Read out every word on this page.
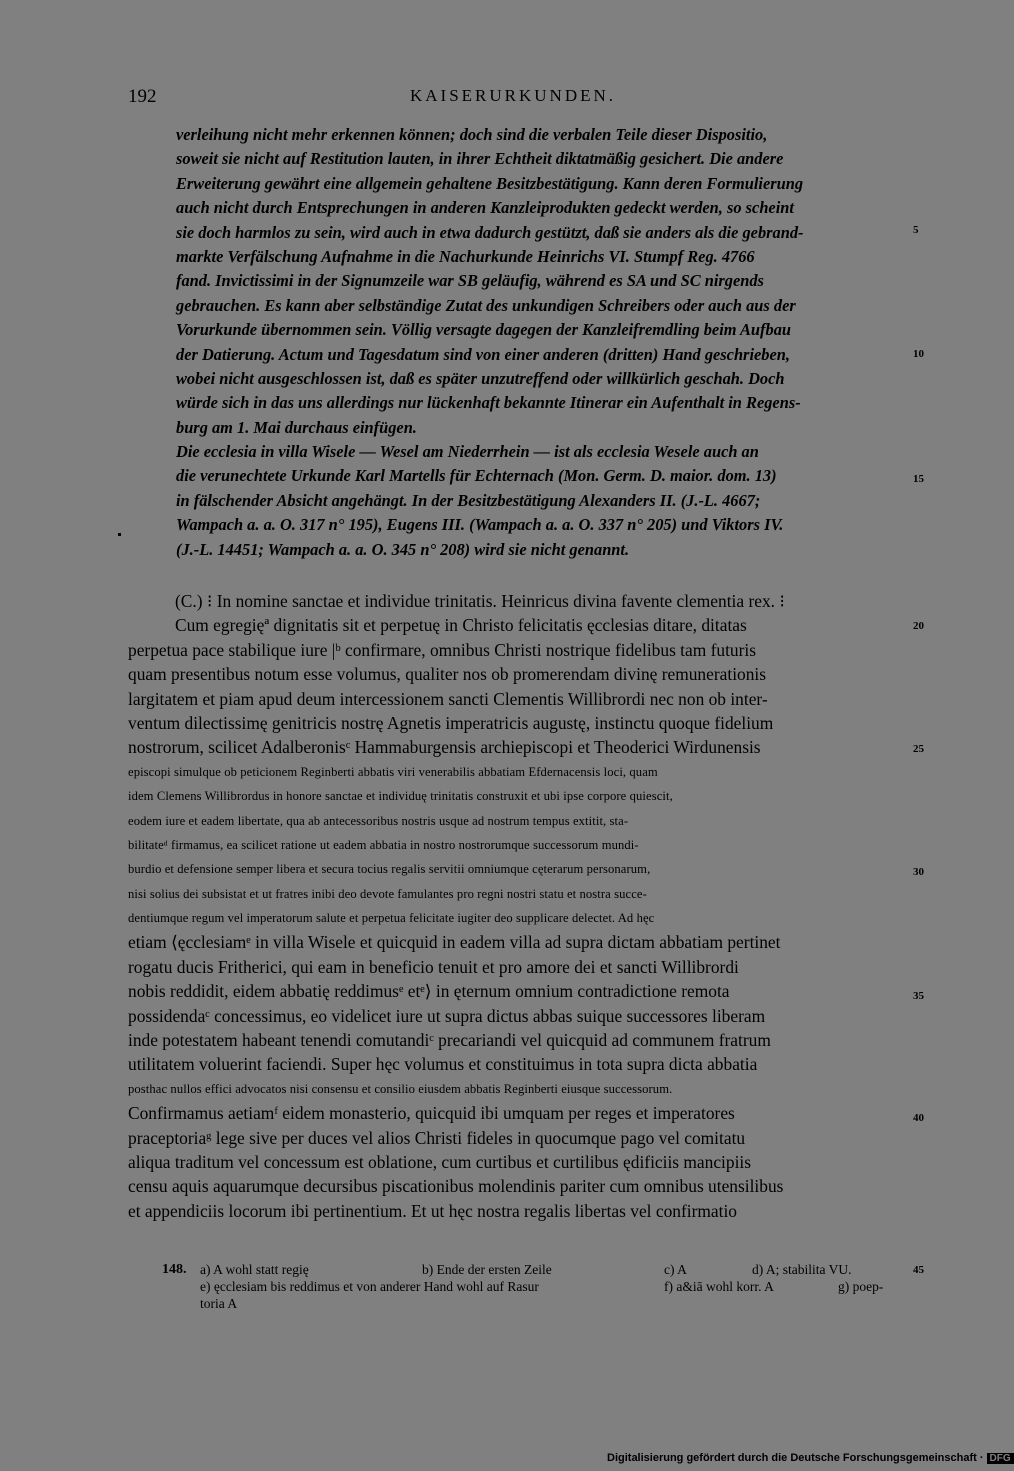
192	KAISERURKUNDEN.
verleihung nicht mehr erkennen können; doch sind die verbalen Teile dieser Dispositio,
soweit sie nicht auf Restitution lauten, in ihrer Echtheit diktatmäßig gesichert. Die andere
Erweiterung gewährt eine allgemein gehaltene Besitzbestätigung. Kann deren Formulierung
auch nicht durch Entsprechungen in anderen Kanzleiprodukten gedeckt werden, so scheint
sie doch harmlos zu sein, wird auch in etwa dadurch gestützt, daß sie anders als die gebrand-
markte Verfälschung Aufnahme in die Nachurkunde Heinrichs VI. Stumpf Reg. 4766
fand. Invictissimi in der Signumzeile war SB geläufig, während es SA und SC nirgends
gebrauchen. Es kann aber selbständige Zutat des unkundigen Schreibers oder auch aus der
Vorurkunde übernommen sein. Völlig versagte dagegen der Kanzleifremdling beim Aufbau
der Datierung. Actum und Tagesdatum sind von einer anderen (dritten) Hand geschrieben,
wobei nicht ausgeschlossen ist, daß es später unzutreffend oder willkürlich geschah. Doch
würde sich in das uns allerdings nur lückenhaft bekannte Itinerar ein Aufenthalt in Regens-
burg am 1. Mai durchaus einfügen.
Die ecclesia in villa Wisele — Wesel am Niederrhein — ist als ecclesia Wesele auch an
die verunechtete Urkunde Karl Martells für Echternach (Mon. Germ. D. maior. dom. 13)
in fälschender Absicht angehängt. In der Besitzbestätigung Alexanders II. (J.-L. 4667;
Wampach a. a. O. 317 n° 195), Eugens III. (Wampach a. a. O. 337 n° 205) und Viktors IV.
(J.-L. 14451; Wampach a. a. O. 345 n° 208) wird sie nicht genannt.
(C.) ⁝ In nomine sanctae et individue trinitatis. Heinricus divina favente clementia rex. ⁝
Cum egregięª dignitatis sit et perpetuę in Christo felicitatis ęcclesias ditare, ditatas
perpetua pace stabilique iure |ᵇ confirmare, omnibus Christi nostrique fidelibus tam futuris
quam presentibus notum esse volumus, qualiter nos ob promerendam divinę remunerationis
largitatem et piam apud deum intercessionem sancti Clementis Willibrordi nec non ob inter-
ventum dilectissimę genitricis nostrę Agnetis imperatricis augustę, instinctu quoque fidelium
nostrorum, scilicet Adalberonisᶜ Hammaburgensis archiepiscopi et Theoderici Wirdunensis
episcopi simulque ob peticionem Reginberti abbatis viri venerabilis abbatiam Efdernacensis loci, quam
idem Clemens Willibrordus in honore sanctae et individuę trinitatis construxit et ubi ipse corpore quiescit,
eodem iure et eadem libertate, qua ab antecessoribus nostris usque ad nostrum tempus extitit, sta-
bilitateᵈ firmamus, ea scilicet ratione ut eadem abbatia in nostro nostrorumque successorum mundi-
burdio et defensione semper libera et secura tocius regalis servitii omniumque cęterarum personarum,
nisi solius dei subsistat et ut fratres inibi deo devote famulantes pro regni nostri statu et nostra succe-
dentiumque regum vel imperatorum salute et perpetua felicitate iugiter deo supplicare delectet. Ad hęc
etiam ⟨ęcclesiamᵉ in villa Wisele et quicquid in eadem villa ad supra dictam abbatiam pertinet
rogatu ducis Fritherici, qui eam in beneficio tenuit et pro amore dei et sancti Willibrordi
nobis reddidit, eidem abbatię reddimusᵉ etᵉ⟩ in ęternum omnium contradictione remota
possidendaᶜ concessimus, eo videlicet iure ut supra dictus abbas suique successores liberam
inde potestatem habeant tenendi comutandiᶜ precariandi vel quicquid ad communem fratrum
utilitatem voluerint faciendi. Super hęc volumus et constituimus in tota supra dicta abbatia
posthac nullos effici advocatos nisi consensu et consilio eiusdem abbatis Reginberti eiusque successorum.
Confirmamus aetiamᶠ eidem monasterio, quicquid ibi umquam per reges et imperatores
praceptoriaᵍ lege sive per duces vel alios Christi fideles in quocumque pago vel comitatu
aliqua traditum vel concessum est oblatione, cum curtibus et curtilibus ędificiis mancipiis
censu aquis aquarumque decursibus piscationibus molendinis pariter cum omnibus utensilibus
et appendiciis locorum ibi pertinentium. Et ut hęc nostra regalis libertas vel confirmatio
5
10
15
20
25
30
35
40
45
148. a) A wohl statt regię	b) Ende der ersten Zeile	c) A	d) A; stabilita VU.
e) ęcclesiam bis reddimus et von anderer Hand wohl auf Rasur	f) a&iā wohl korr. A	g) poep-
toria A
Digitalisierung gefördert durch die Deutsche Forschungsgemeinschaft · DFG
